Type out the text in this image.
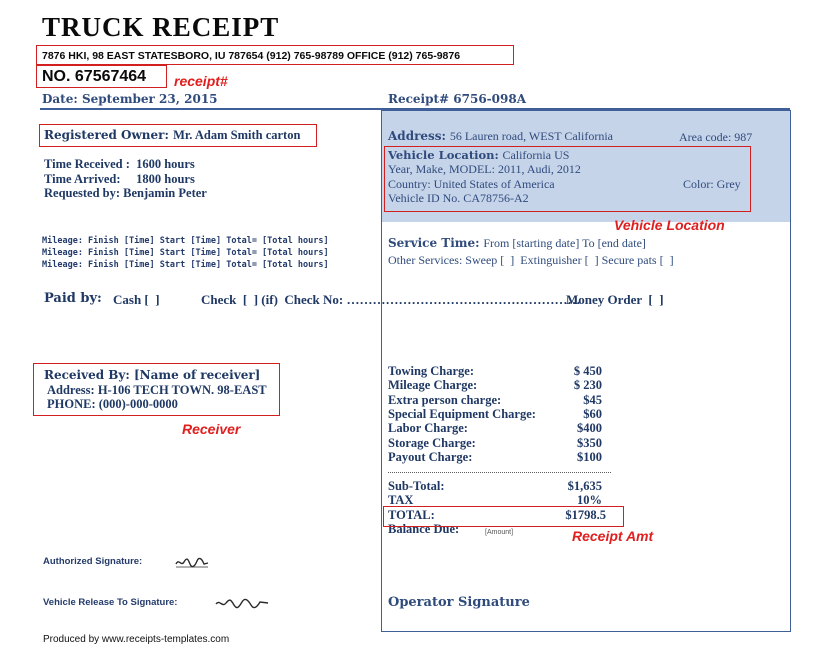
TRUCK RECEIPT
7876 HKI, 98 EAST STATESBORO, IU 787654 (912) 765-98789 OFFICE (912) 765-9876
NO. 67567464 receipt#
Date: September 23, 2015	Receipt# 6756-098A
Registered Owner: Mr. Adam Smith carton
Time Received :  1600 hours
Time Arrived:     1800 hours
Requested by: Benjamin Peter
Address: 56 Lauren road, WEST California	Area code: 987
Vehicle Location: California US
Year, Make, MODEL: 2011, Audi, 2012
Country: United States of America	Color: Grey
Vehicle ID No. CA78756-A2
Vehicle Location
Mileage: Finish [Time] Start [Time] Total= [Total hours]
Mileage: Finish [Time] Start [Time] Total= [Total hours]
Mileage: Finish [Time] Start [Time] Total= [Total hours]
Service Time: From [starting date] To [end date]
Other Services: Sweep [  ]  Extinguisher [  ] Secure pats [  ]
Paid by: Cash [  ]	Check  [  ] (if)  Check No: ………………………………………………
Money Order  [  ]
Received By: [Name of receiver]
Address: H-106 TECH TOWN. 98-EAST
PHONE: (000)-000-0000
Receiver
Towing Charge:	$ 450
Mileage Charge:	$ 230
Extra person charge:	$45
Special Equipment Charge:	$60
Labor Charge:	$400
Storage Charge:	$350
Payout Charge:	$100
Sub-Total:	$1,635
TAX	10%
TOTAL:	$1798.5
Balance Due:	[Amount]	Receipt Amt
Authorized Signature:
Vehicle Release To Signature:	Operator Signature
Produced by www.receipts-templates.com
